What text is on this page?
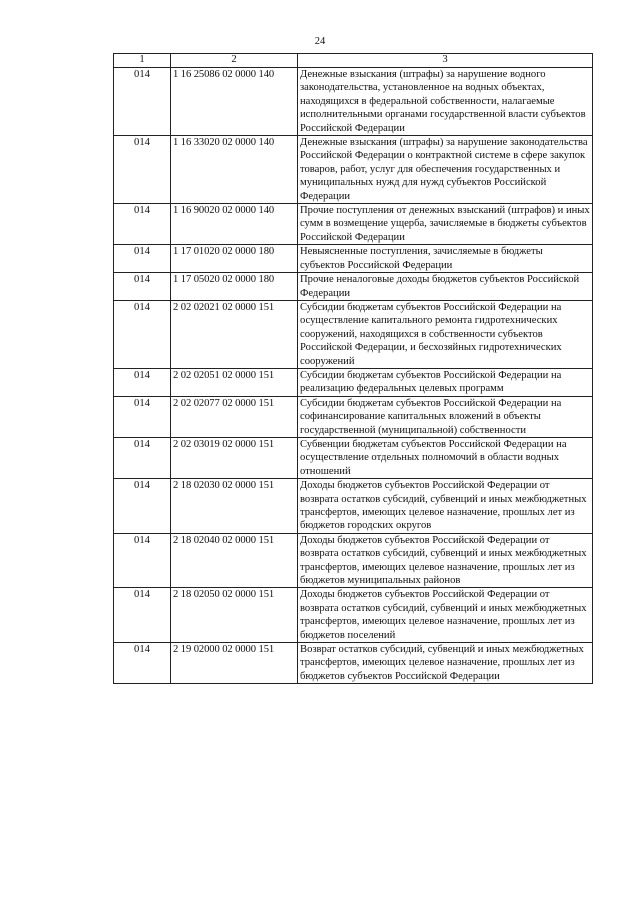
24
1	2	3
014	1 16 25086 02 0000 140	Денежные взыскания (штрафы) за нарушение водного законодательства, установленное на водных объектах, находящихся в федеральной собственности, налагаемые исполнительными органами государственной власти субъектов Российской Федерации
014	1 16 33020 02 0000 140	Денежные взыскания (штрафы) за нарушение законодательства Российской Федерации о контрактной системе в сфере закупок товаров, работ, услуг для обеспечения государственных и муниципальных нужд для нужд субъектов Российской Федерации
014	1 16 90020 02 0000 140	Прочие поступления от денежных взысканий (штрафов) и иных сумм в возмещение ущерба, зачисляемые в бюджеты субъектов Российской Федерации
014	1 17 01020 02 0000 180	Невыясненные поступления, зачисляемые в бюджеты субъектов Российской Федерации
014	1 17 05020 02 0000 180	Прочие неналоговые доходы бюджетов субъектов Российской Федерации
014	2 02 02021 02 0000 151	Субсидии бюджетам субъектов Российской Федерации на осуществление капитального ремонта гидротехнических сооружений, находящихся в собственности субъектов Российской Федерации, и бесхозяйных гидротехнических сооружений
014	2 02 02051 02 0000 151	Субсидии бюджетам субъектов Российской Федерации на реализацию федеральных целевых программ
014	2 02 02077 02 0000 151	Субсидии бюджетам субъектов Российской Федерации на софинансирование капитальных вложений в объекты государственной (муниципальной) собственности
014	2 02 03019 02 0000 151	Субвенции бюджетам субъектов Российской Федерации на осуществление отдельных полномочий в области водных отношений
014	2 18 02030 02 0000 151	Доходы бюджетов субъектов Российской Федерации от возврата остатков субсидий, субвенций и иных межбюджетных трансфертов, имеющих целевое назначение, прошлых лет из бюджетов городских округов
014	2 18 02040 02 0000 151	Доходы бюджетов субъектов Российской Федерации от возврата остатков субсидий, субвенций и иных межбюджетных трансфертов, имеющих целевое назначение, прошлых лет из бюджетов муниципальных районов
014	2 18 02050 02 0000 151	Доходы бюджетов субъектов Российской Федерации от возврата остатков субсидий, субвенций и иных межбюджетных трансфертов, имеющих целевое назначение, прошлых лет из бюджетов поселений
014	2 19 02000 02 0000 151	Возврат остатков субсидий, субвенций и иных межбюджетных трансфертов, имеющих целевое назначение, прошлых лет из бюджетов субъектов Российской Федерации
